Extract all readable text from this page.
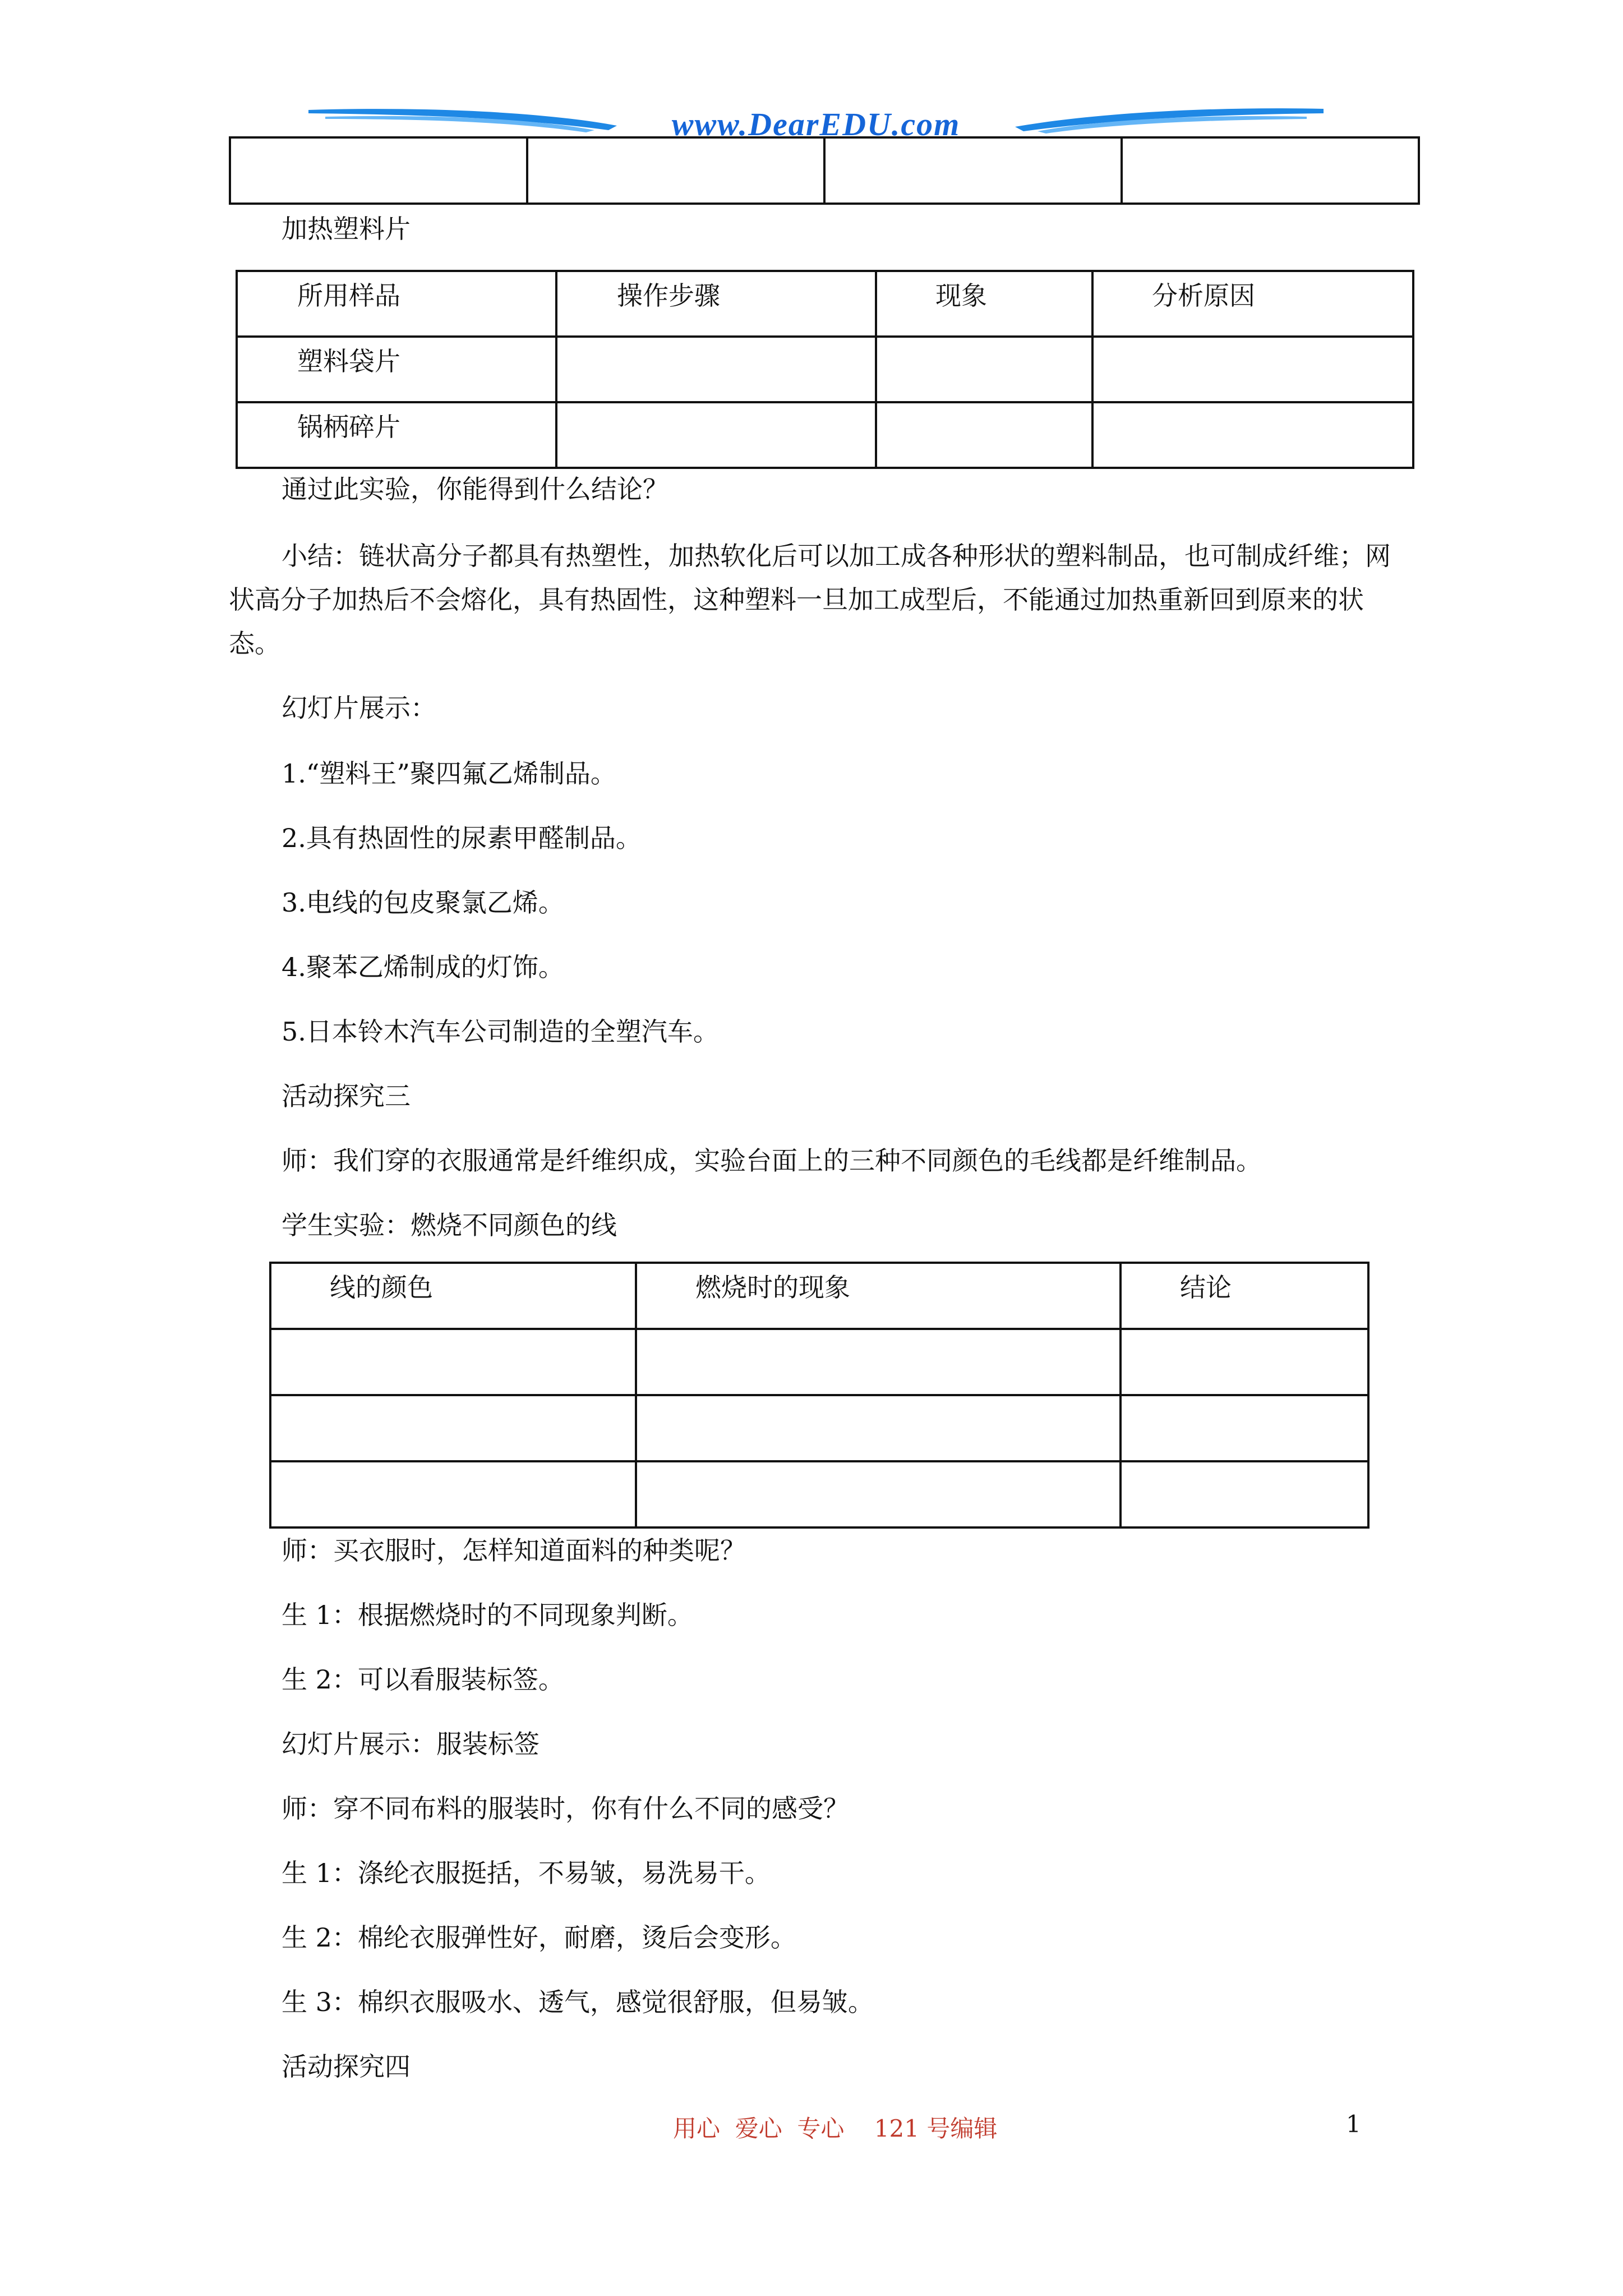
www.DearEDU.com

加热塑料片

所用样品	操作步骤	现象	分析原因

塑料袋片			

锅柄碎片			

通过此实验，你能得到什么结论？

小结：链状高分子都具有热塑性，加热软化后可以加工成各种形状的塑料制品，也可制成纤维；网状高分子加热后不会熔化，具有热固性，这种塑料一旦加工成型后，不能通过加热重新回到原来的状态。

幻灯片展示：

1.“塑料王”聚四氟乙烯制品。

2.具有热固性的尿素甲醛制品。

3.电线的包皮聚氯乙烯。

4.聚苯乙烯制成的灯饰。

5.日本铃木汽车公司制造的全塑汽车。

活动探究三

师：我们穿的衣服通常是纤维织成，实验台面上的三种不同颜色的毛线都是纤维制品。

学生实验：燃烧不同颜色的线

线的颜色	燃烧时的现象	结论

师：买衣服时，怎样知道面料的种类呢？

生 1：根据燃烧时的不同现象判断。

生 2：可以看服装标签。

幻灯片展示：服装标签

师：穿不同布料的服装时，你有什么不同的感受？

生 1：涤纶衣服挺括，不易皱，易洗易干。

生 2：棉纶衣服弹性好，耐磨，烫后会变形。

生 3：棉织衣服吸水、透气，感觉很舒服，但易皱。

活动探究四

用心  爱心  专心    121 号编辑	1
